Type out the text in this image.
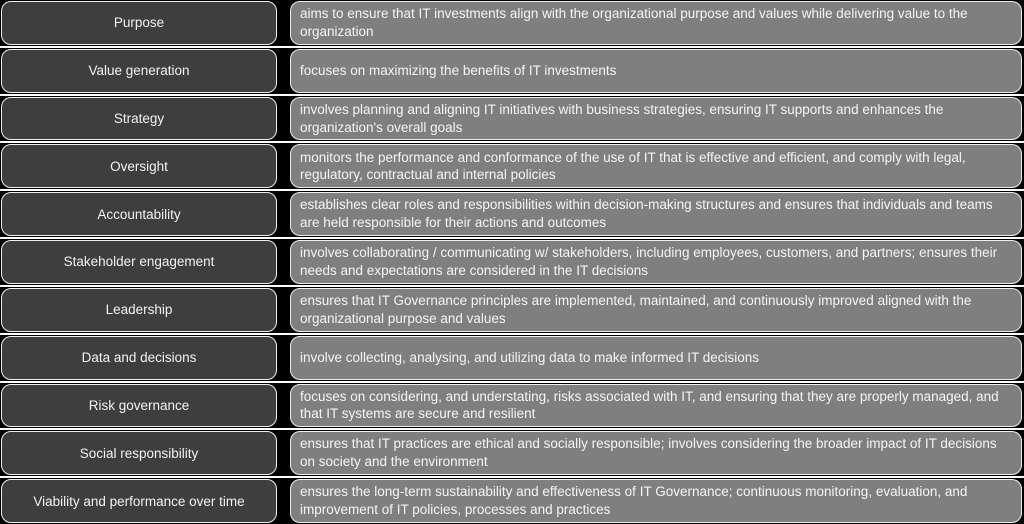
Purpose
aims to ensure that IT investments align with the organizational purpose and values while delivering value to the organization
Value generation	focuses on maximizing the benefits of IT investments
Strategy
involves planning and aligning IT initiatives with business strategies, ensuring IT supports and enhances the organization's overall goals
Oversight
monitors the performance and conformance of the use of IT that is effective and efficient, and comply with legal, regulatory, contractual and internal policies
Accountability
establishes clear roles and responsibilities within decision-making structures and ensures that individuals and teams are held responsible for their actions and outcomes
Stakeholder engagement
involves collaborating / communicating w/ stakeholders, including employees, customers, and partners; ensures their needs and expectations are considered in the IT decisions
Leadership
ensures that IT Governance principles are implemented, maintained, and continuously improved aligned with the organizational purpose and values
Data and decisions	involve collecting, analysing, and utilizing data to make informed IT decisions
Risk governance
focuses on considering, and understating, risks associated with IT, and ensuring that they are properly managed, and that IT systems are secure and resilient
Social responsibility
ensures that IT practices are ethical and socially responsible; involves considering the broader impact of IT decisions on society and the environment
Viability and performance over time
ensures the long-term sustainability and effectiveness of IT Governance; continuous monitoring, evaluation, and improvement of IT policies, processes and practices
